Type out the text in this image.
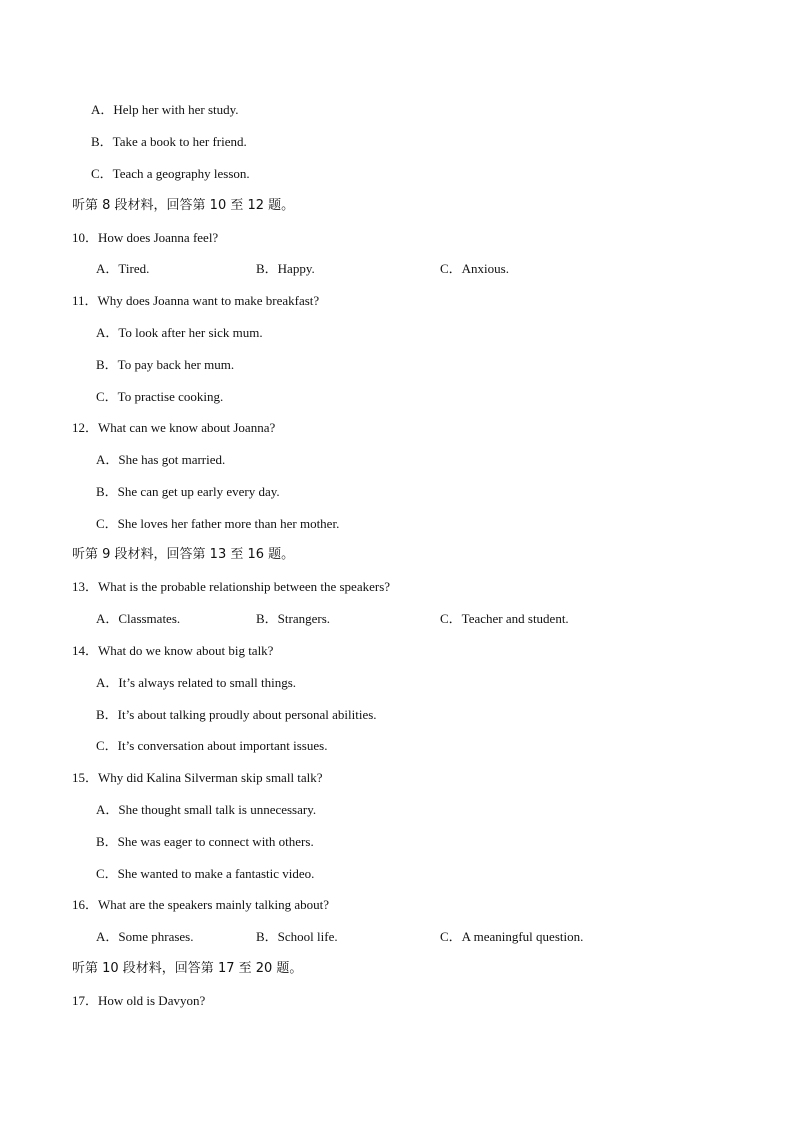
A．Help her with her study.
B．Take a book to her friend.
C．Teach a geography lesson.
听第 8 段材料，回答第 10 至 12 题。
10．How does Joanna feel?
A．Tired.	B．Happy.	C．Anxious.
11．Why does Joanna want to make breakfast?
A．To look after her sick mum.
B．To pay back her mum.
C．To practise cooking.
12．What can we know about Joanna?
A．She has got married.
B．She can get up early every day.
C．She loves her father more than her mother.
听第 9 段材料，回答第 13 至 16 题。
13．What is the probable relationship between the speakers?
A．Classmates.	B．Strangers.	C．Teacher and student.
14．What do we know about big talk?
A．It’s always related to small things.
B．It’s about talking proudly about personal abilities.
C．It’s conversation about important issues.
15．Why did Kalina Silverman skip small talk?
A．She thought small talk is unnecessary.
B．She was eager to connect with others.
C．She wanted to make a fantastic video.
16．What are the speakers mainly talking about?
A．Some phrases.	B．School life.	C．A meaningful question.
听第 10 段材料，回答第 17 至 20 题。
17．How old is Davyon?
